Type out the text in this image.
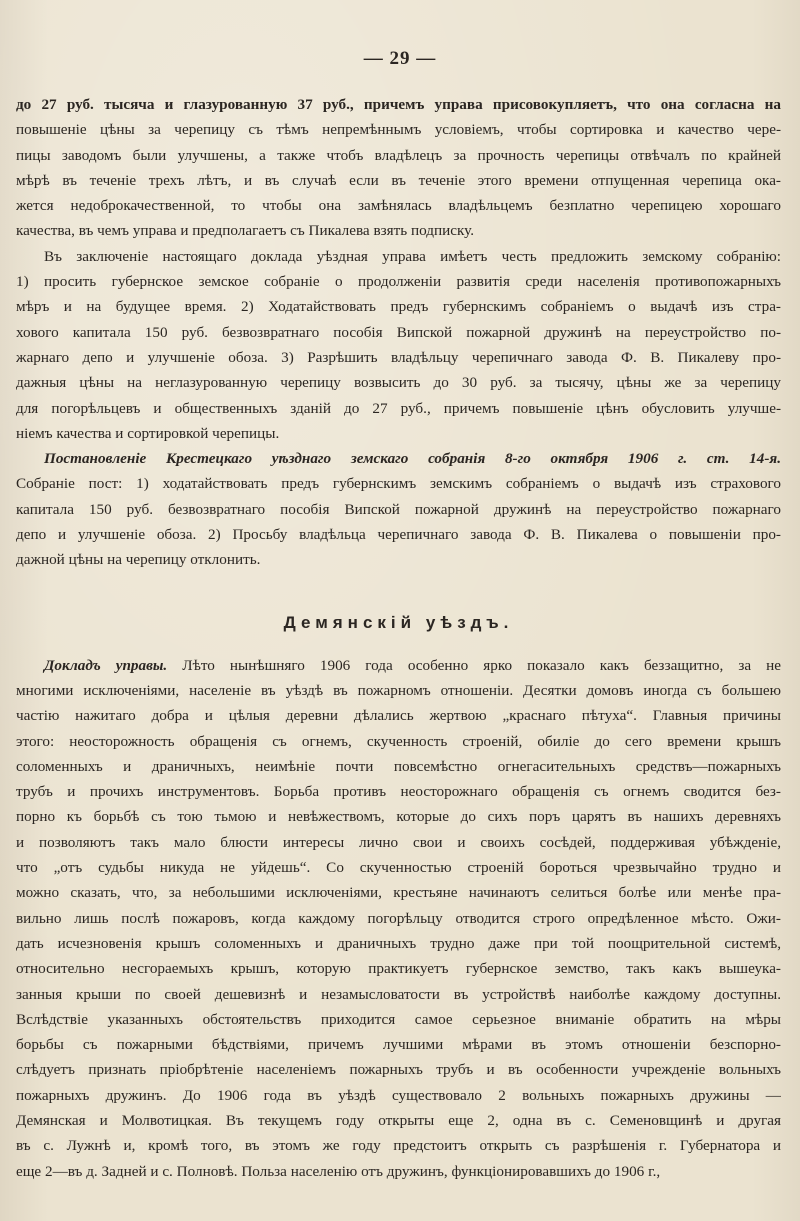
— 29 —
до 27 руб. тысяча и глазурованную 37 руб., причемъ управа присовокупляетъ, что она согласна на
повышеніе цѣны за черепицу съ тѣмъ непремѣннымъ условіемъ, чтобы сортировка и качество чере-
пицы заводомъ были улучшены, а также чтобъ владѣлецъ за прочность черепицы отвѣчалъ по крайней
мѣрѣ въ теченіе трехъ лѣтъ, и въ случаѣ если въ теченіе этого времени отпущенная черепица ока-
жется недоброкачественной, то чтобы она замѣнялась владѣльцемъ безплатно черепицею хорошаго
качества, въ чемъ управа и предполагаетъ съ Пикалева взять подписку.
Въ заключеніе настоящаго доклада уѣздная управа имѣетъ честь предложить земскому собранію:
1) просить губернское земское собраніе о продолженіи развитія среди населенія противопожарныхъ
мѣръ и на будущее время. 2) Ходатайствовать предъ губернскимъ собраніемъ о выдачѣ изъ стра-
хового капитала 150 руб. безвозвратнаго пособія Випской пожарной дружинѣ на переустройство по-
жарнаго депо и улучшеніе обоза. 3) Разрѣшить владѣльцу черепичнаго завода Ф. В. Пикалеву про-
дажныя цѣны на неглазурованную черепицу возвысить до 30 руб. за тысячу, цѣны же за черепицу
для погорѣльцевъ и общественныхъ зданій до 27 руб., причемъ повышеніе цѣнъ обусловить улучше-
ніемъ качества и сортировкой черепицы.
Постановленіе Крестецкаго уѣзднаго земскаго собранія 8-го октября 1906 г. ст. 14-я.
Собраніе пост: 1) ходатайствовать предъ губернскимъ земскимъ собраніемъ о выдачѣ изъ страхового
капитала 150 руб. безвозвратнаго пособія Випской пожарной дружинѣ на переустройство пожарнаго
депо и улучшеніе обоза. 2) Просьбу владѣльца черепичнаго завода Ф. В. Пикалева о повышеніи про-
дажной цѣны на черепицу отклонить.
Демянскій уѣздъ.
Докладъ управы. Лѣто нынѣшняго 1906 года особенно ярко показало какъ беззащитно, за не
многими исключеніями, населеніе въ уѣздѣ въ пожарномъ отношеніи. Десятки домовъ иногда съ большею
частію нажитаго добра и цѣлыя деревни дѣлались жертвою „краснаго пѣтуха“. Главныя причины
этого: неосторожность обращенія съ огнемъ, скученность строеній, обиліе до сего времени крышъ
соломенныхъ и драничныхъ, неимѣніе почти повсемѣстно огнегасительныхъ средствъ—пожарныхъ
трубъ и прочихъ инструментовъ. Борьба противъ неосторожнаго обращенія съ огнемъ сводится без-
порно къ борьбѣ съ тою тьмою и невѣжествомъ, которые до сихъ поръ царятъ въ нашихъ деревняхъ
и позволяютъ такъ мало блюсти интересы лично свои и своихъ сосѣдей, поддерживая убѣжденіе,
что „отъ судьбы никуда не уйдешь“. Со скученностью строеній бороться чрезвычайно трудно и
можно сказать, что, за небольшими исключеніями, крестьяне начинаютъ селиться болѣе или менѣе пра-
вильно лишь послѣ пожаровъ, когда каждому погорѣльцу отводится строго опредѣленное мѣсто. Ожи-
дать исчезновенія крышъ соломенныхъ и драничныхъ трудно даже при той поощрительной системѣ,
относительно несгораемыхъ крышъ, которую практикуетъ губернское земство, такъ какъ вышеука-
занныя крыши по своей дешевизнѣ и незамысловатости въ устройствѣ наиболѣе каждому доступны.
Вслѣдствіе указанныхъ обстоятельствъ приходится самое серьезное вниманіе обратить на мѣры
борьбы съ пожарными бѣдствіями, причемъ лучшими мѣрами въ этомъ отношеніи безспорно-
слѣдуетъ признать пріобрѣтеніе населеніемъ пожарныхъ трубъ и въ особенности учрежденіе вольныхъ
пожарныхъ дружинъ. До 1906 года въ уѣздѣ существовало 2 вольныхъ пожарныхъ дружины —
Демянская и Молвотицкая. Въ текущемъ году открыты еще 2, одна въ с. Семеновщинѣ и другая
въ с. Лужнѣ и, кромѣ того, въ этомъ же году предстоитъ открыть съ разрѣшенія г. Губернатора и
еще 2—въ д. Задней и с. Полновѣ. Польза населенію отъ дружинъ, функціонировавшихъ до 1906 г.,
